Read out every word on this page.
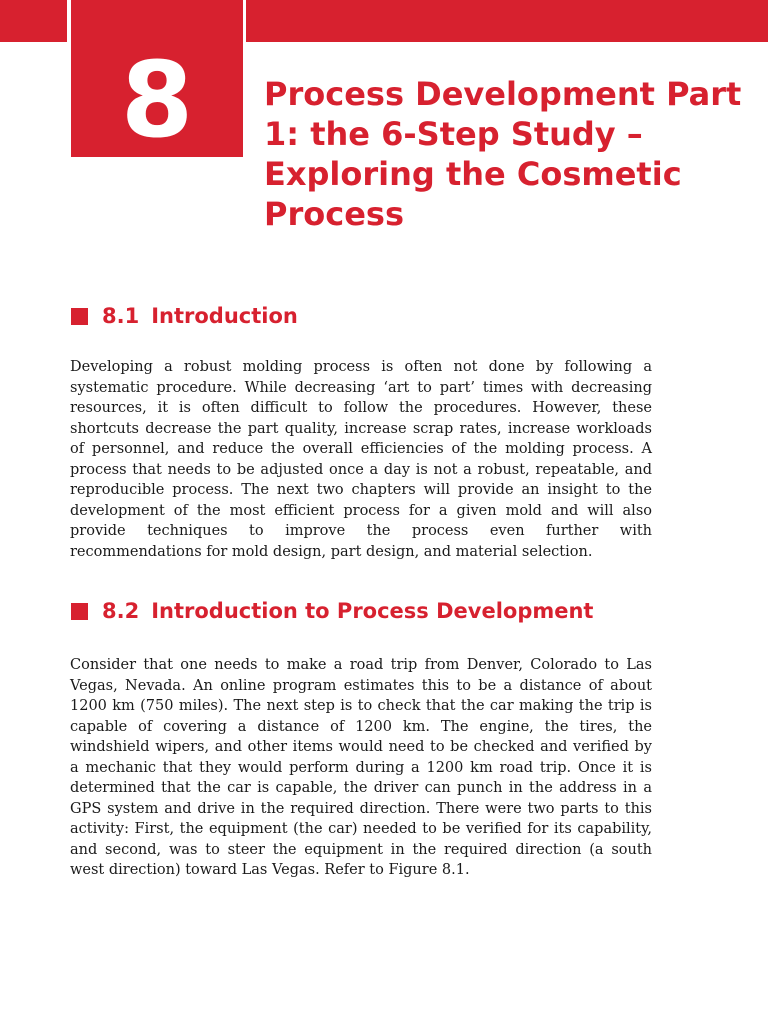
8	Process Development Part 1: the 6-Step Study – Exploring the Cosmetic Process
8.1 Introduction

Developing a robust molding process is often not done by following a systematic procedure. While decreasing ‘art to part’ times with decreasing resources, it is often difficult to follow the procedures. However, these shortcuts decrease the part quality, increase scrap rates, increase workloads of personnel, and reduce the overall efficiencies of the molding process. A process that needs to be adjusted once a day is not a robust, repeatable, and reproducible process. The next two chapters will provide an insight to the development of the most efficient process for a given mold and will also provide techniques to improve the process even further with recommendations for mold design, part design, and material selection.

8.2 Introduction to Process Development

Consider that one needs to make a road trip from Denver, Colorado to Las Vegas, Nevada. An online program estimates this to be a distance of about 1200 km (750 miles). The next step is to check that the car making the trip is capable of covering a distance of 1200 km. The engine, the tires, the windshield wipers, and other items would need to be checked and verified by a mechanic that they would perform during a 1200 km road trip. Once it is determined that the car is capable, the driver can punch in the address in a GPS system and drive in the required direction. There were two parts to this activity: First, the equipment (the car) needed to be verified for its capability, and second, was to steer the equipment in the required direction (a south west direction) toward Las Vegas. Refer to Figure 8.1.
